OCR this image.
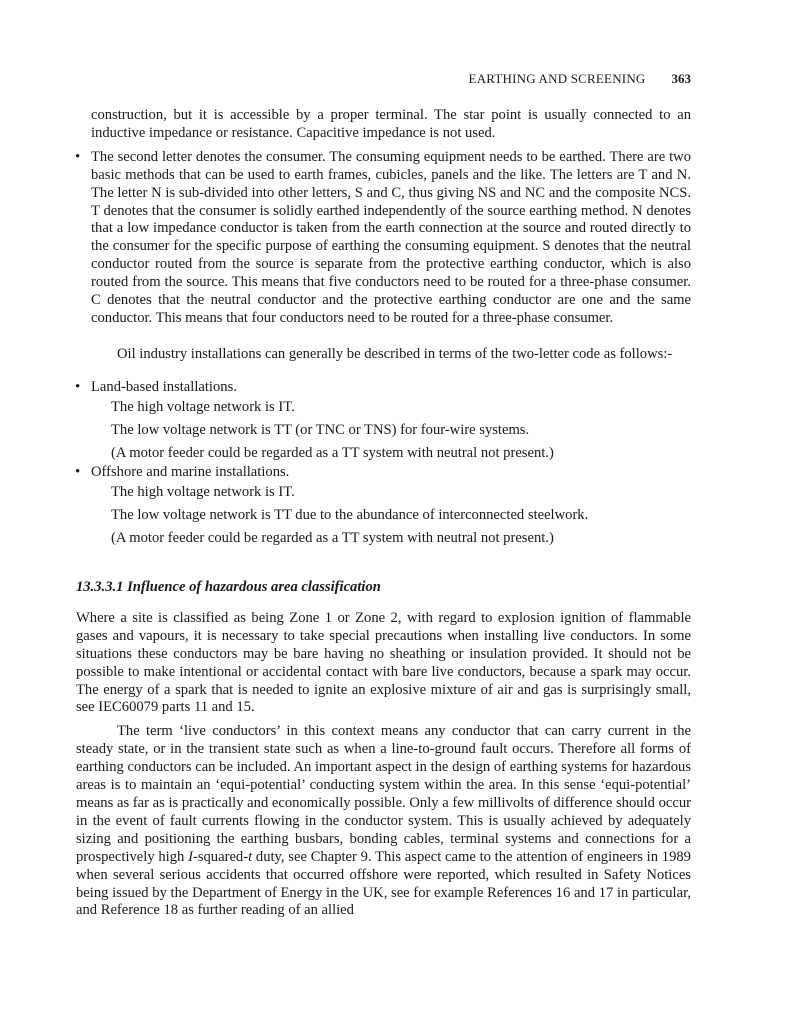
EARTHING AND SCREENING 363

construction, but it is accessible by a proper terminal. The star point is usually connected to an inductive impedance or resistance. Capacitive impedance is not used.

• The second letter denotes the consumer. The consuming equipment needs to be earthed. There are two basic methods that can be used to earth frames, cubicles, panels and the like. The letters are T and N. The letter N is sub-divided into other letters, S and C, thus giving NS and NC and the composite NCS. T denotes that the consumer is solidly earthed independently of the source earthing method. N denotes that a low impedance conductor is taken from the earth connection at the source and routed directly to the consumer for the specific purpose of earthing the consuming equipment. S denotes that the neutral conductor routed from the source is separate from the protective earthing conductor, which is also routed from the source. This means that five conductors need to be routed for a three-phase consumer. C denotes that the neutral conductor and the protective earthing conductor are one and the same conductor. This means that four conductors need to be routed for a three-phase consumer.

Oil industry installations can generally be described in terms of the two-letter code as follows:-

• Land-based installations.

The high voltage network is IT.

The low voltage network is TT (or TNC or TNS) for four-wire systems.

(A motor feeder could be regarded as a TT system with neutral not present.)

• Offshore and marine installations.

The high voltage network is IT.

The low voltage network is TT due to the abundance of interconnected steelwork.

(A motor feeder could be regarded as a TT system with neutral not present.)

13.3.3.1 Influence of hazardous area classification

Where a site is classified as being Zone 1 or Zone 2, with regard to explosion ignition of flammable gases and vapours, it is necessary to take special precautions when installing live conductors. In some situations these conductors may be bare having no sheathing or insulation provided. It should not be possible to make intentional or accidental contact with bare live conductors, because a spark may occur. The energy of a spark that is needed to ignite an explosive mixture of air and gas is surprisingly small, see IEC60079 parts 11 and 15.

The term ‘live conductors’ in this context means any conductor that can carry current in the steady state, or in the transient state such as when a line-to-ground fault occurs. Therefore all forms of earthing conductors can be included. An important aspect in the design of earthing systems for hazardous areas is to maintain an ‘equi-potential’ conducting system within the area. In this sense ‘equi-potential’ means as far as is practically and economically possible. Only a few millivolts of difference should occur in the event of fault currents flowing in the conductor system. This is usually achieved by adequately sizing and positioning the earthing busbars, bonding cables, terminal systems and connections for a prospectively high I-squared-t duty, see Chapter 9. This aspect came to the attention of engineers in 1989 when several serious accidents that occurred offshore were reported, which resulted in Safety Notices being issued by the Department of Energy in the UK, see for example References 16 and 17 in particular, and Reference 18 as further reading of an allied
